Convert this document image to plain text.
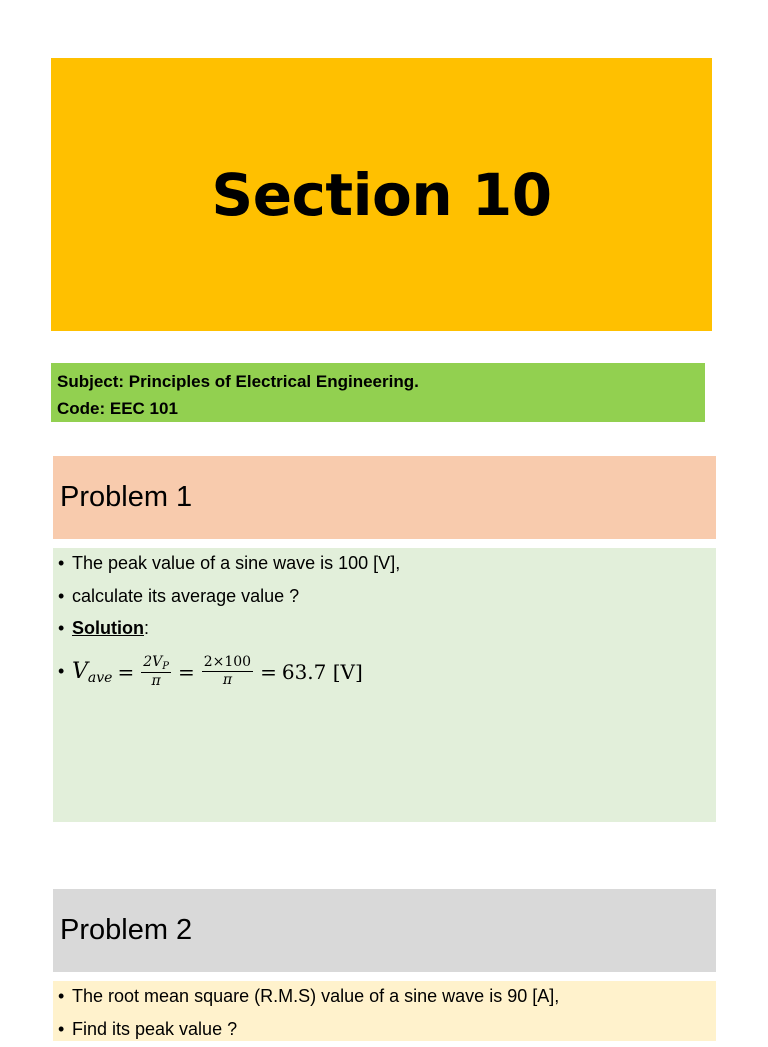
Section 10
Subject: Principles of Electrical Engineering.
Code: EEC 101
Problem 1
• The peak value of a sine wave is 100 [V],
• calculate its average value ?
• Solution:
• V ave = $\frac{2V_P}{\pi} = \frac{2\times 100}{\pi} = 63.7$ [V]
Problem 2
• The root mean square (R.M.S) value of a sine wave is 90 [A],
• Find its peak value ?
